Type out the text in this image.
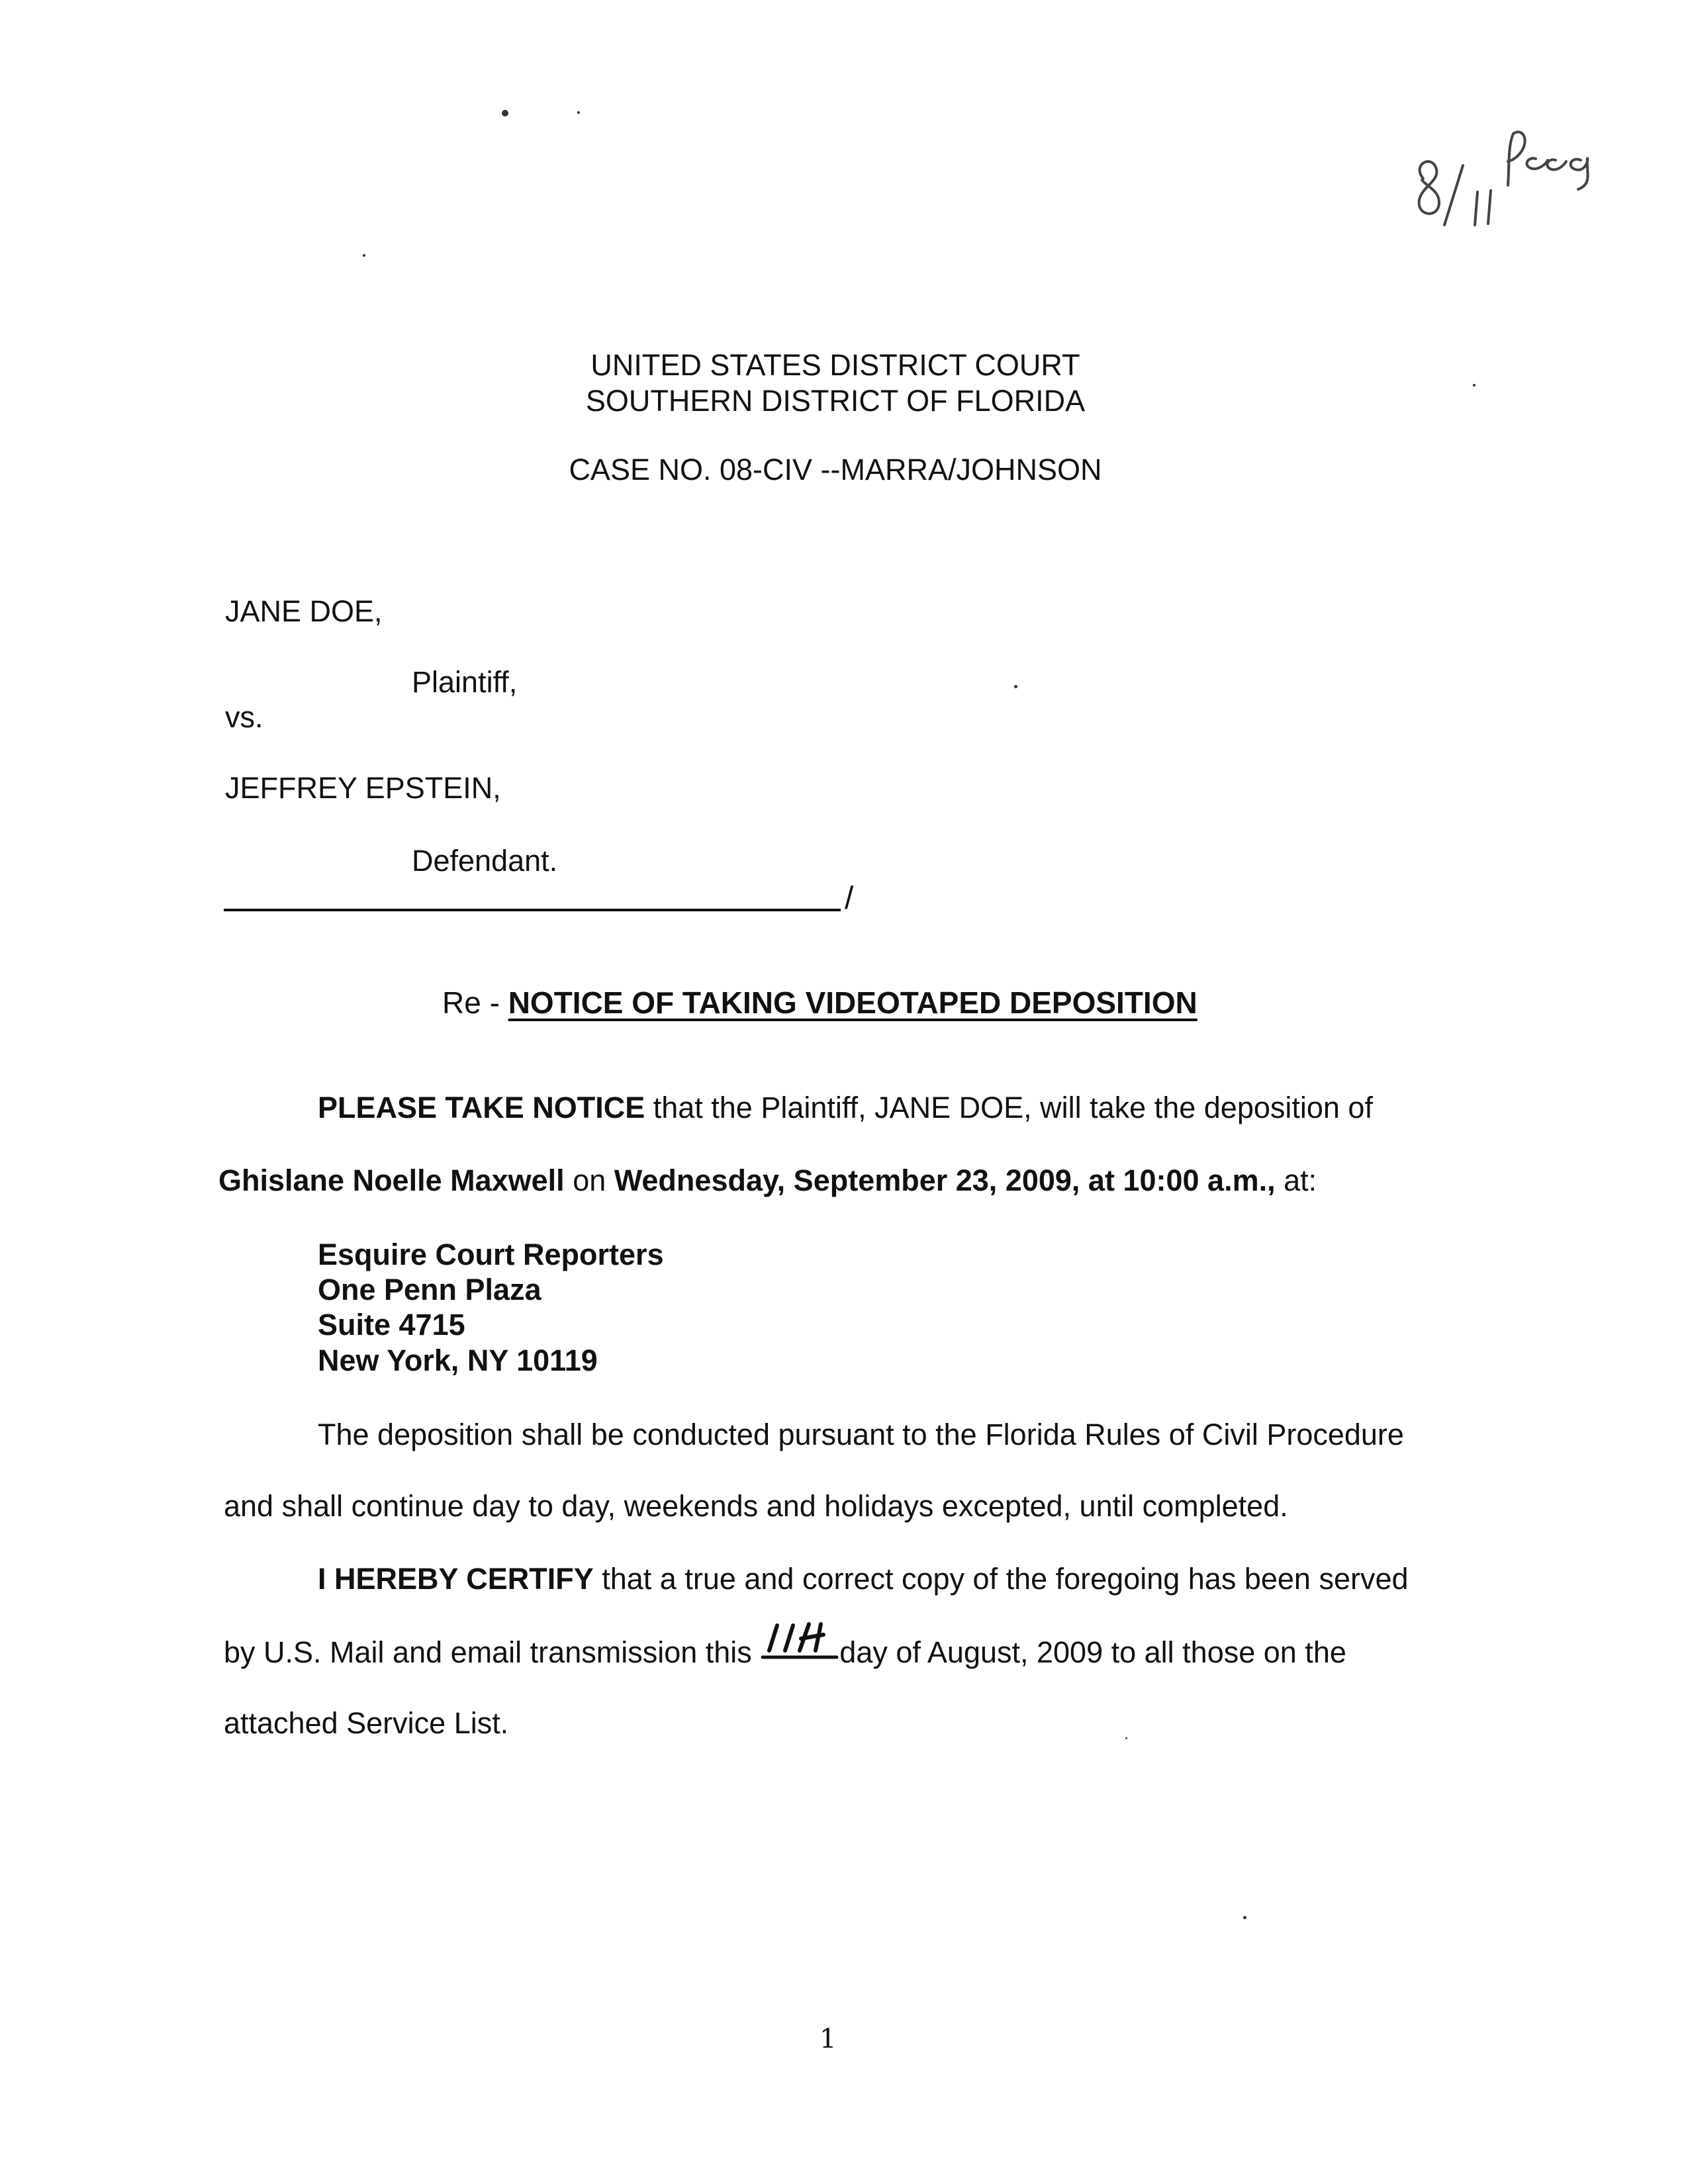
UNITED STATES DISTRICT COURT
SOUTHERN DISTRICT OF FLORIDA
CASE NO. 08-CIV --MARRA/JOHNSON
JANE DOE,
Plaintiff,
vs.
JEFFREY EPSTEIN,
Defendant.
/
Re - NOTICE OF TAKING VIDEOTAPED DEPOSITION
PLEASE TAKE NOTICE that the Plaintiff, JANE DOE, will take the deposition of
Ghislane Noelle Maxwell on Wednesday, September 23, 2009, at 10:00 a.m., at:
Esquire Court Reporters
One Penn Plaza
Suite 4715
New York, NY 10119
The deposition shall be conducted pursuant to the Florida Rules of Civil Procedure
and shall continue day to day, weekends and holidays excepted, until completed.
I HEREBY CERTIFY that a true and correct copy of the foregoing has been served
by U.S. Mail and email transmission this	day of August, 2009 to all those on the
attached Service List.
1
